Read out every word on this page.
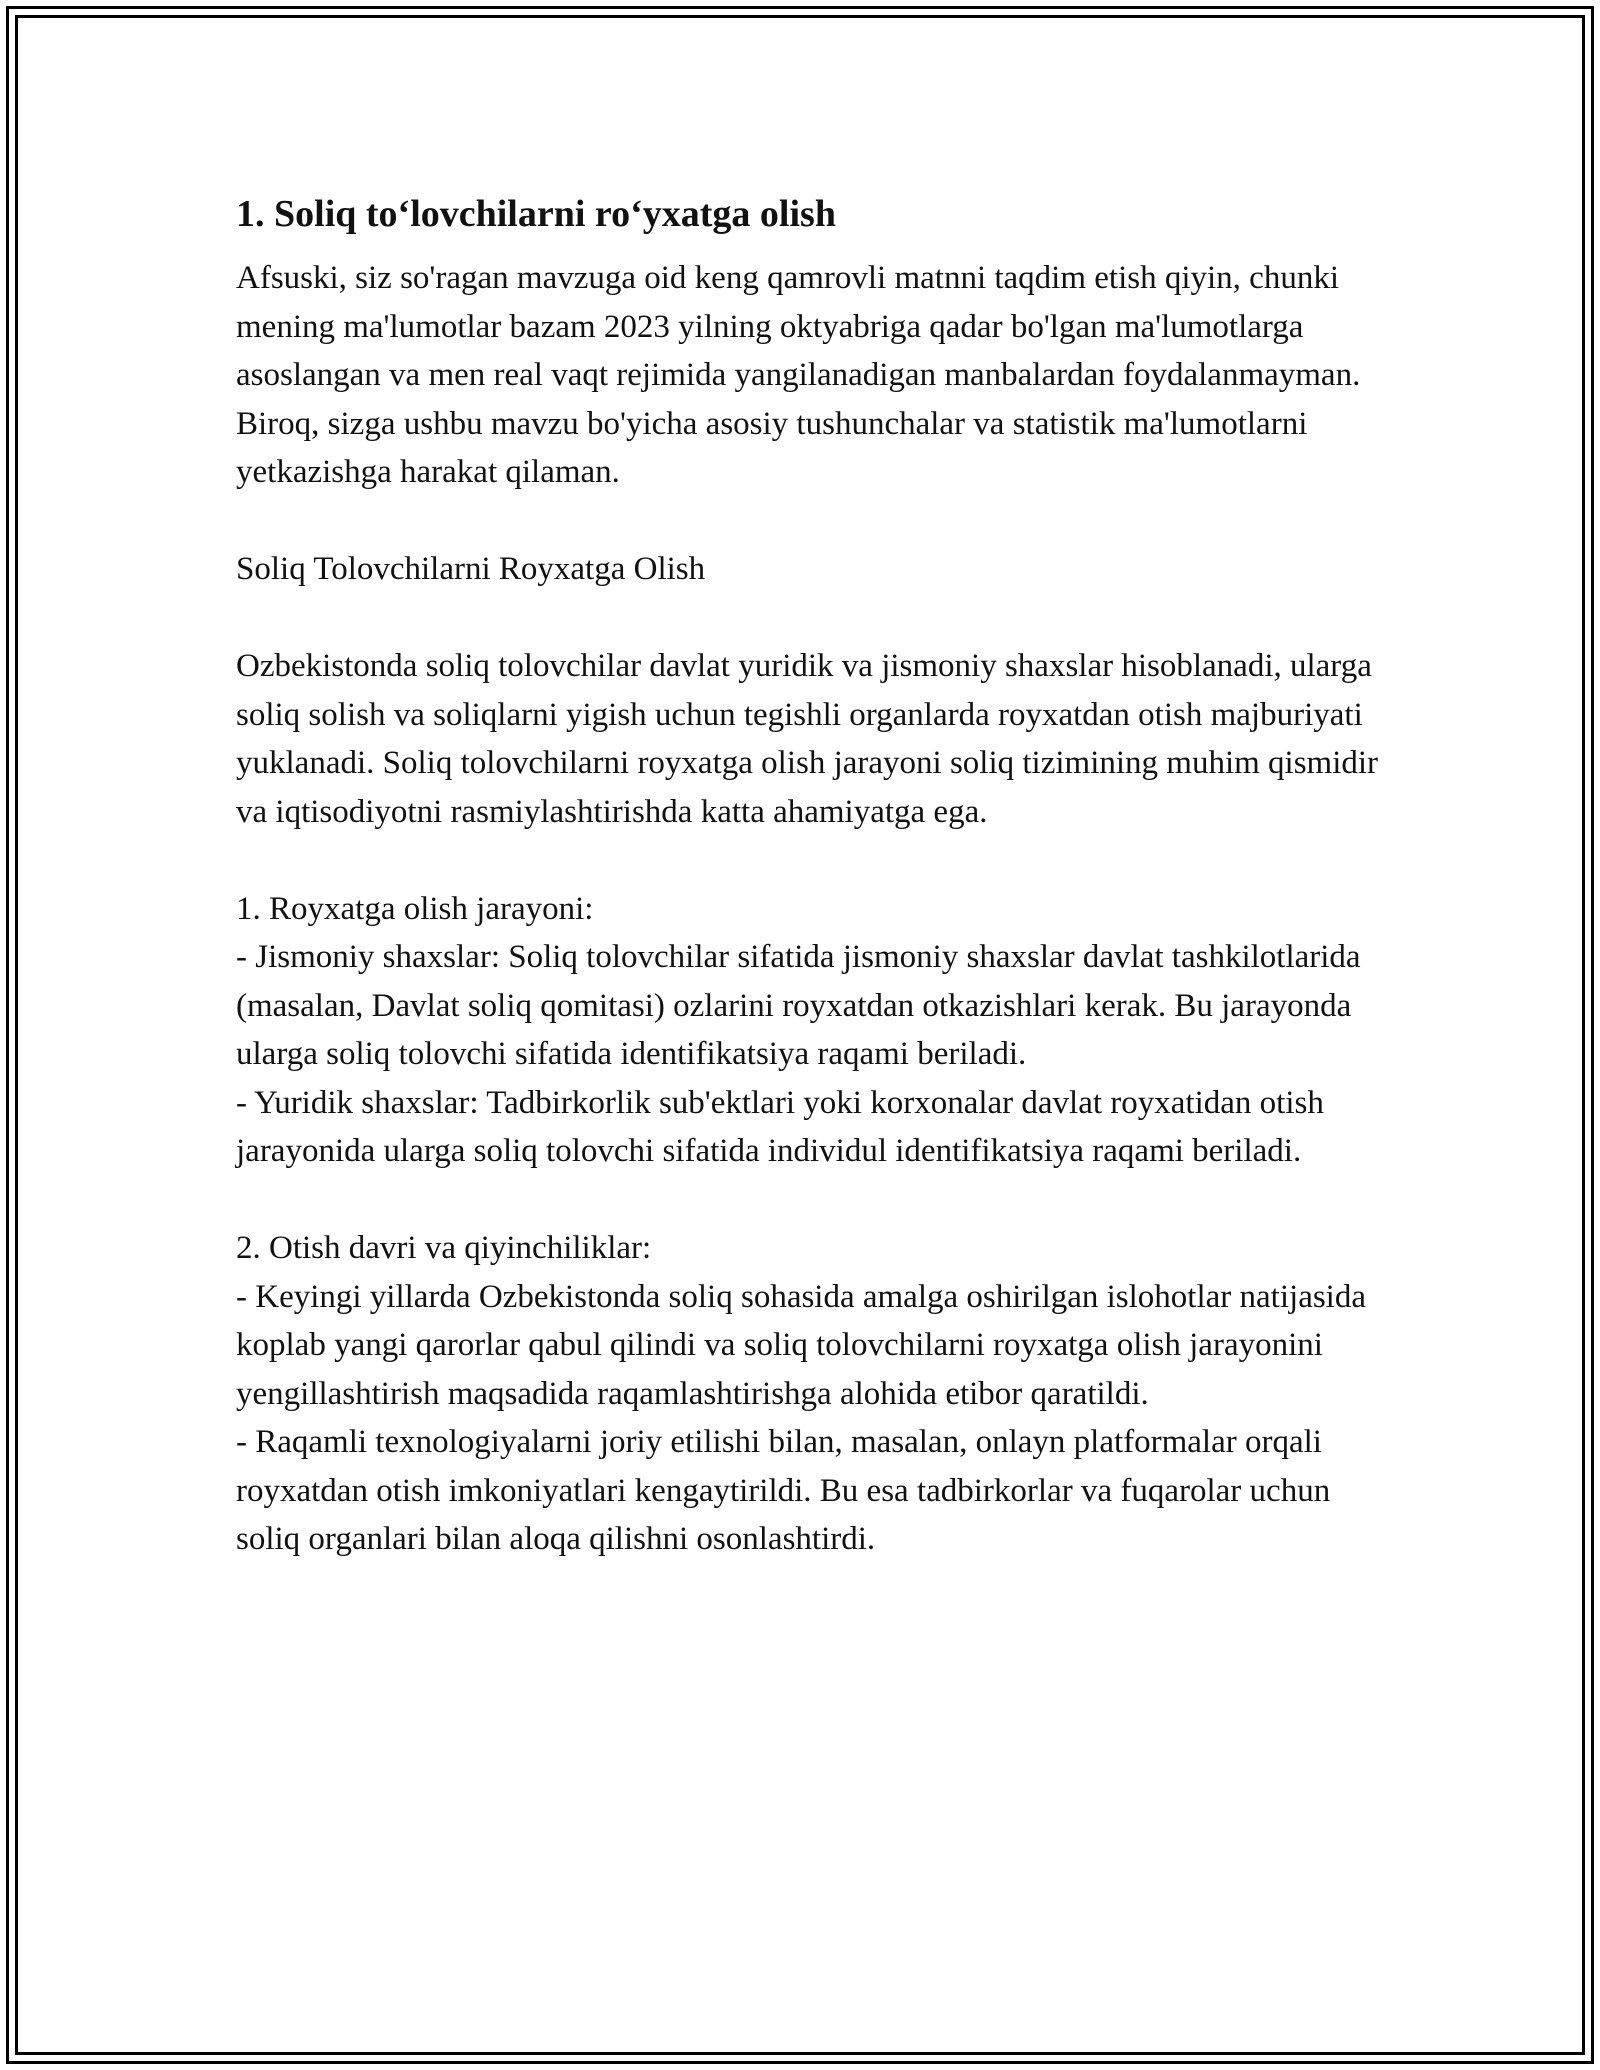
1. Soliq to‘lovchilarni ro‘yxatga olish

Afsuski, siz so'ragan mavzuga oid keng qamrovli matnni taqdim etish qiyin, chunki mening ma'lumotlar bazam 2023 yilning oktyabriga qadar bo'lgan ma'lumotlarga asoslangan va men real vaqt rejimida yangilanadigan manbalardan foydalanmayman. Biroq, sizga ushbu mavzu bo'yicha asosiy tushunchalar va statistik ma'lumotlarni yetkazishga harakat qilaman.

Soliq Tolovchilarni Royxatga Olish

Ozbekistonda soliq tolovchilar davlat yuridik va jismoniy shaxslar hisoblanadi, ularga soliq solish va soliqlarni yigish uchun tegishli organlarda royxatdan otish majburiyati yuklanadi. Soliq tolovchilarni royxatga olish jarayoni soliq tizimining muhim qismidir va iqtisodiyotni rasmiylashtirishda katta ahamiyatga ega.

1. Royxatga olish jarayoni:

- Jismoniy shaxslar: Soliq tolovchilar sifatida jismoniy shaxslar davlat tashkilotlarida (masalan, Davlat soliq qomitasi) ozlarini royxatdan otkazishlari kerak. Bu jarayonda ularga soliq tolovchi sifatida identifikatsiya raqami beriladi.

- Yuridik shaxslar: Tadbirkorlik sub'ektlari yoki korxonalar davlat royxatidan otish jarayonida ularga soliq tolovchi sifatida individul identifikatsiya raqami beriladi.

2. Otish davri va qiyinchiliklar:

- Keyingi yillarda Ozbekistonda soliq sohasida amalga oshirilgan islohotlar natijasida koplab yangi qarorlar qabul qilindi va soliq tolovchilarni royxatga olish jarayonini yengillashtirish maqsadida raqamlashtirishga alohida etibor qaratildi.

- Raqamli texnologiyalarni joriy etilishi bilan, masalan, onlayn platformalar orqali royxatdan otish imkoniyatlari kengaytirildi. Bu esa tadbirkorlar va fuqarolar uchun soliq organlari bilan aloqa qilishni osonlashtirdi.
